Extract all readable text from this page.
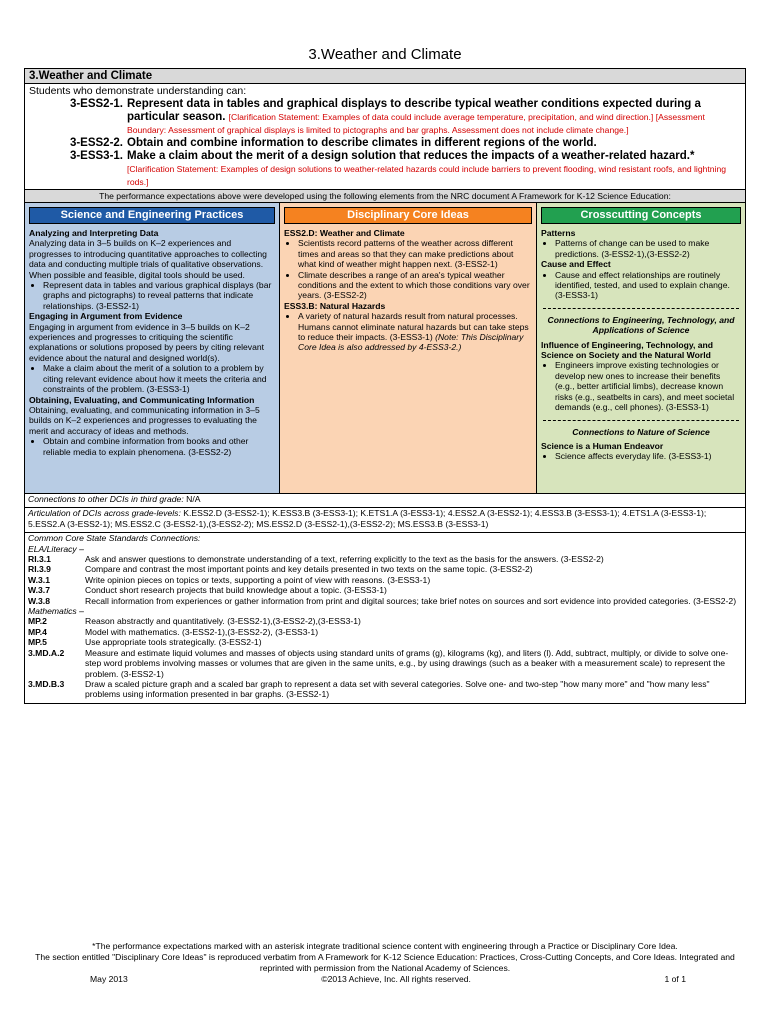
3.Weather and Climate
3.Weather and Climate
Students who demonstrate understanding can:
3-ESS2-1. Represent data in tables and graphical displays to describe typical weather conditions expected during a particular season. [Clarification Statement: Examples of data could include average temperature, precipitation, and wind direction.] [Assessment Boundary: Assessment of graphical displays is limited to pictographs and bar graphs. Assessment does not include climate change.]
3-ESS2-2. Obtain and combine information to describe climates in different regions of the world.
3-ESS3-1. Make a claim about the merit of a design solution that reduces the impacts of a weather-related hazard.*
[Clarification Statement: Examples of design solutions to weather-related hazards could include barriers to prevent flooding, wind resistant roofs, and lightning rods.]
The performance expectations above were developed using the following elements from the NRC document A Framework for K-12 Science Education:
Science and Engineering Practices
Analyzing and Interpreting Data
Analyzing data in 3–5 builds on K–2 experiences and progresses to introducing quantitative approaches to collecting data and conducting multiple trials of qualitative observations. When possible and feasible, digital tools should be used.
• Represent data in tables and various graphical displays (bar graphs and pictographs) to reveal patterns that indicate relationships. (3-ESS2-1)
Engaging in Argument from Evidence
Engaging in argument from evidence in 3–5 builds on K–2 experiences and progresses to critiquing the scientific explanations or solutions proposed by peers by citing relevant evidence about the natural and designed world(s).
• Make a claim about the merit of a solution to a problem by citing relevant evidence about how it meets the criteria and constraints of the problem. (3-ESS3-1)
Obtaining, Evaluating, and Communicating Information
Obtaining, evaluating, and communicating information in 3–5 builds on K–2 experiences and progresses to evaluating the merit and accuracy of ideas and methods.
• Obtain and combine information from books and other reliable media to explain phenomena. (3-ESS2-2)
Disciplinary Core Ideas
ESS2.D: Weather and Climate
• Scientists record patterns of the weather across different times and areas so that they can make predictions about what kind of weather might happen next. (3-ESS2-1)
• Climate describes a range of an area's typical weather conditions and the extent to which those conditions vary over years. (3-ESS2-2)
ESS3.B: Natural Hazards
• A variety of natural hazards result from natural processes. Humans cannot eliminate natural hazards but can take steps to reduce their impacts. (3-ESS3-1) (Note: This Disciplinary Core Idea is also addressed by 4-ESS3-2.)
Crosscutting Concepts
Patterns
• Patterns of change can be used to make predictions. (3-ESS2-1),(3-ESS2-2)
Cause and Effect
• Cause and effect relationships are routinely identified, tested, and used to explain change. (3-ESS3-1)
Connections to Engineering, Technology, and Applications of Science
Influence of Engineering, Technology, and Science on Society and the Natural World
• Engineers improve existing technologies or develop new ones to increase their benefits (e.g., better artificial limbs), decrease known risks (e.g., seatbelts in cars), and meet societal demands (e.g., cell phones). (3-ESS3-1)
Connections to Nature of Science
Science is a Human Endeavor
• Science affects everyday life. (3-ESS3-1)
Connections to other DCIs in third grade: N/A
Articulation of DCIs across grade-levels: K.ESS2.D (3-ESS2-1); K.ESS3.B (3-ESS3-1); K.ETS1.A (3-ESS3-1); 4.ESS2.A (3-ESS2-1); 4.ESS3.B (3-ESS3-1); 4.ETS1.A (3-ESS3-1);
5.ESS2.A (3-ESS2-1); MS.ESS2.C (3-ESS2-1),(3-ESS2-2); MS.ESS2.D (3-ESS2-1),(3-ESS2-2); MS.ESS3.B (3-ESS3-1)
Common Core State Standards Connections:
ELA/Literacy –
RI.3.1	Ask and answer questions to demonstrate understanding of a text, referring explicitly to the text as the basis for the answers. (3-ESS2-2)
RI.3.9	Compare and contrast the most important points and key details presented in two texts on the same topic. (3-ESS2-2)
W.3.1	Write opinion pieces on topics or texts, supporting a point of view with reasons. (3-ESS3-1)
W.3.7	Conduct short research projects that build knowledge about a topic. (3-ESS3-1)
W.3.8	Recall information from experiences or gather information from print and digital sources; take brief notes on sources and sort evidence into provided categories. (3-ESS2-2)
Mathematics –
MP.2	Reason abstractly and quantitatively. (3-ESS2-1),(3-ESS2-2),(3-ESS3-1)
MP.4	Model with mathematics. (3-ESS2-1),(3-ESS2-2), (3-ESS3-1)
MP.5	Use appropriate tools strategically. (3-ESS2-1)
3.MD.A.2	Measure and estimate liquid volumes and masses of objects using standard units of grams (g), kilograms (kg), and liters (l). Add, subtract, multiply, or divide to solve one-step word problems involving masses or volumes that are given in the same units, e.g., by using drawings (such as a beaker with a measurement scale) to represent the problem. (3-ESS2-1)
3.MD.B.3	Draw a scaled picture graph and a scaled bar graph to represent a data set with several categories. Solve one- and two-step "how many more" and "how many less" problems using information presented in bar graphs. (3-ESS2-1)
*The performance expectations marked with an asterisk integrate traditional science content with engineering through a Practice or Disciplinary Core Idea.
The section entitled "Disciplinary Core Ideas" is reproduced verbatim from A Framework for K-12 Science Education: Practices, Cross-Cutting Concepts, and Core Ideas. Integrated and reprinted with permission from the National Academy of Sciences.
May 2013	©2013 Achieve, Inc. All rights reserved.	1 of 1
